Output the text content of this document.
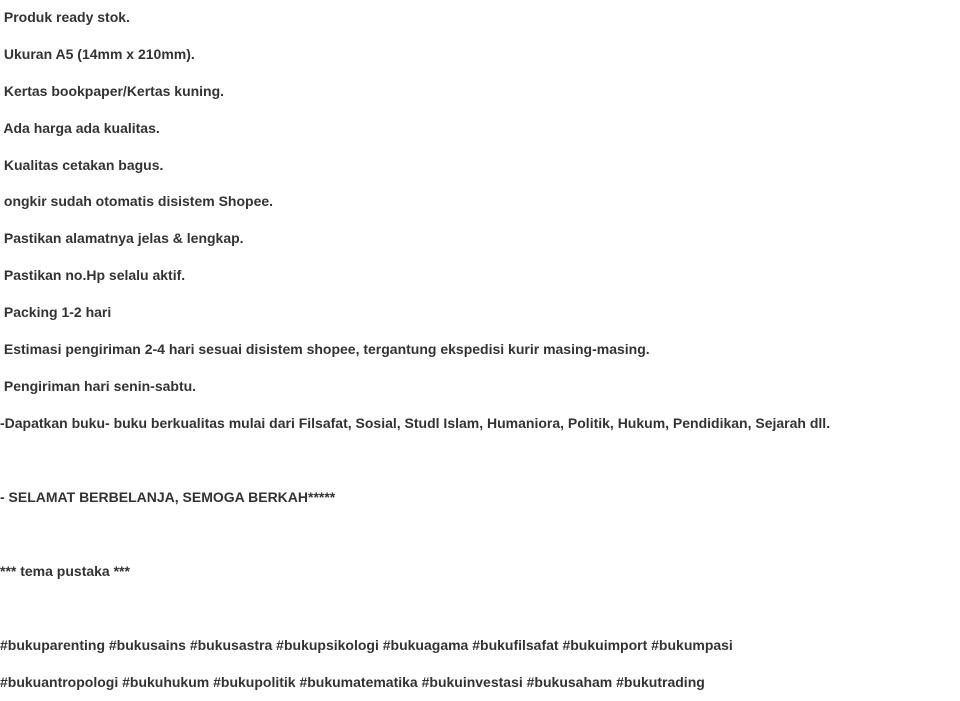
Produk ready stok.
Ukuran A5 (14mm x 210mm).
Kertas bookpaper/Kertas kuning.
Ada harga ada kualitas.
Kualitas cetakan bagus.
ongkir sudah otomatis disistem Shopee.
Pastikan alamatnya jelas & lengkap.
Pastikan no.Hp selalu aktif.
Packing 1-2 hari
Estimasi pengiriman 2-4 hari sesuai disistem shopee, tergantung ekspedisi kurir masing-masing.
Pengiriman hari senin-sabtu.
-Dapatkan buku- buku berkualitas mulai dari Filsafat, Sosial, Studl Islam, Humaniora, Politik, Hukum, Pendidikan, Sejarah dll.
- SELAMAT BERBELANJA, SEMOGA BERKAH*****
*** tema pustaka ***
#bukuparenting #bukusains #bukusastra #bukupsikologi #bukuagama #bukufilsafat #bukuimport #bukumpasi
#bukuantropologi #bukuhukum #bukupolitik #bukumatematika #bukuinvestasi #bukusaham #bukutrading
